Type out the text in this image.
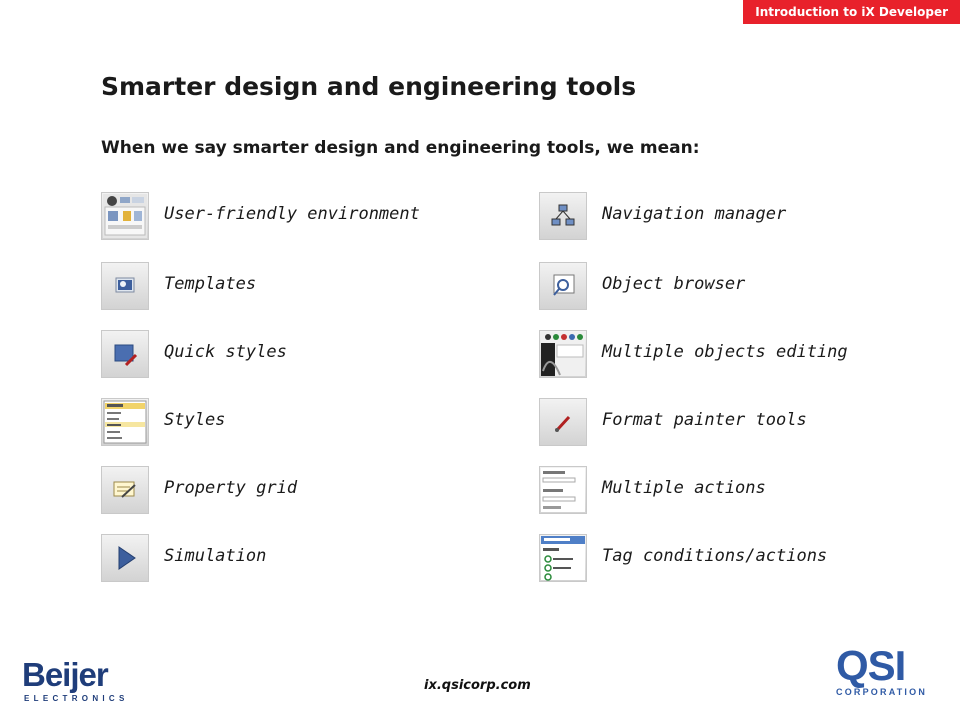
Introduction to iX Developer
Smarter design and engineering tools
When we say smarter design and engineering tools, we mean:
User-friendly environment
Templates
Quick styles
Styles
Property grid
Simulation
Navigation manager
Object browser
Multiple objects editing
Format painter tools
Multiple actions
Tag conditions/actions
Beijer
ELECTRONICS
ix.qsicorp.com	QSI
CORPORATION
